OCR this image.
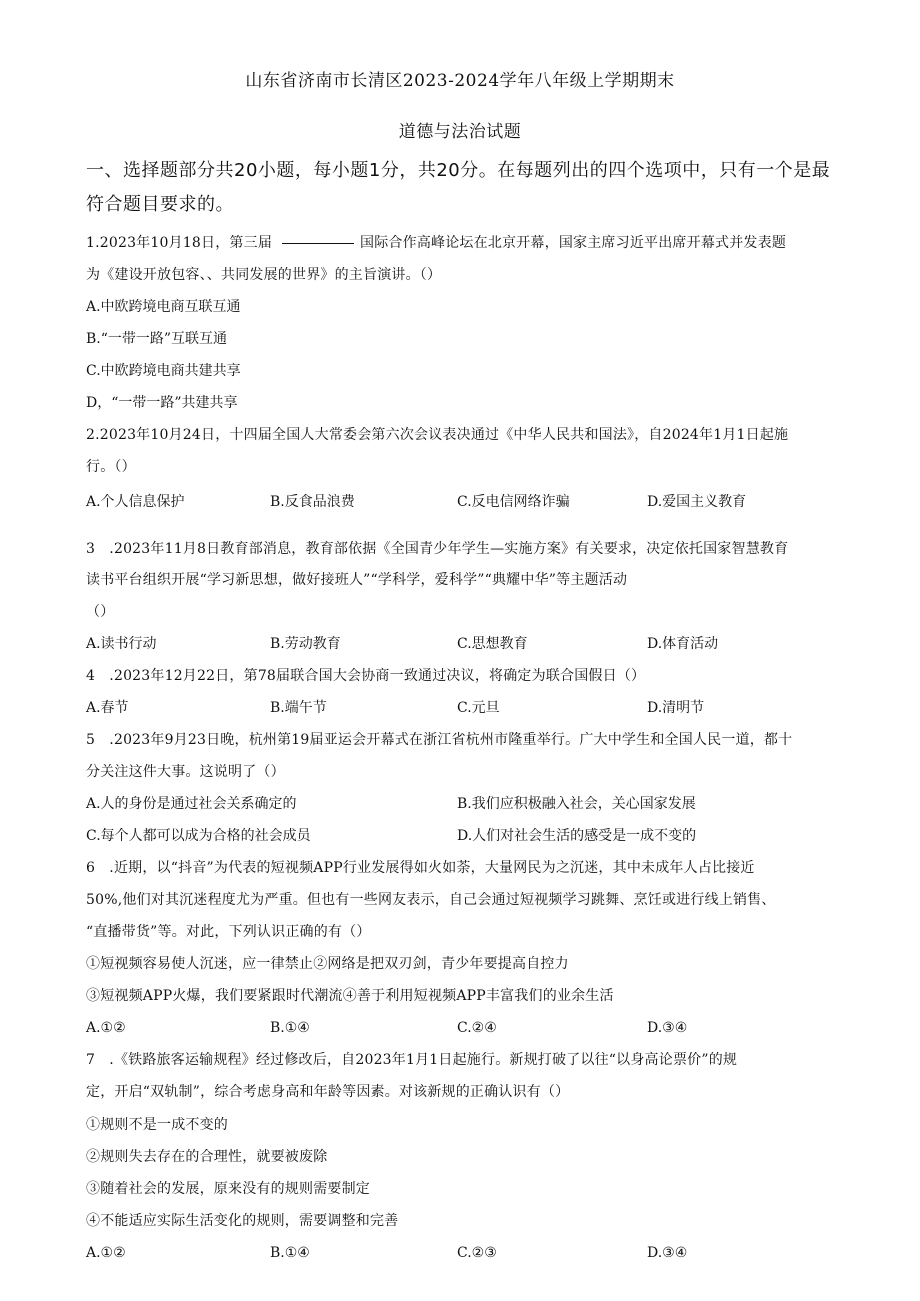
山东省济南市长清区2023-2024学年八年级上学期期末
道德与法治试题
一、选择题部分共20小题，每小题1分，共20分。在每题列出的四个选项中，只有一个是最
符合题目要求的。
1.2023年10月18日，第三届	国际合作高峰论坛在北京开幕，国家主席习近平出席开幕式并发表题
为《建设开放包容、、共同发展的世界》的主旨演讲。（）
A.中欧跨境电商互联互通
B.“一带一路”互联互通
C.中欧跨境电商共建共享
D，“一带一路”共建共享
2.2023年10月24日，十四届全国人大常委会第六次会议表决通过《中华人民共和国法》，自2024年1月1日起施
行。（）
A.个人信息保护	B.反食品浪费	C.反电信网络诈骗	D.爱国主义教育
3　.2023年11月8日教育部消息，教育部依据《全国青少年学生—实施方案》有关要求，决定依托国家智慧教育
读书平台组织开展“学习新思想，做好接班人”“学科学，爱科学”“典耀中华”等主题活动
（）
A.读书行动	B.劳动教育	C.思想教育	D.体育活动
4　.2023年12月22日，第78届联合国大会协商一致通过决议，将确定为联合国假日（）
A.春节	B.端午节	C.元旦	D.清明节
5　.2023年9月23日晚，杭州第19届亚运会开幕式在浙江省杭州市隆重举行。广大中学生和全国人民一道，都十
分关注这件大事。这说明了（）
A.人的身份是通过社会关系确定的	B.我们应积极融入社会，关心国家发展
C.每个人都可以成为合格的社会成员	D.人们对社会生活的感受是一成不变的
6　.近期，以“抖音”为代表的短视频APP行业发展得如火如荼，大量网民为之沉迷，其中未成年人占比接近
50%,他们对其沉迷程度尤为严重。但也有一些网友表示，自己会通过短视频学习跳舞、烹饪或进行线上销售、
“直播带货”等。对此，下列认识正确的有（）
①短视频容易使人沉迷，应一律禁止②网络是把双刃剑，青少年要提高自控力
③短视频APP火爆，我们要紧跟时代潮流④善于利用短视频APP丰富我们的业余生活
A.①②	B.①④	C.②④	D.③④
7　.《铁路旅客运输规程》经过修改后，自2023年1月1日起施行。新规打破了以往“以身高论票价”的规
定，开启“双轨制”，综合考虑身高和年龄等因素。对该新规的正确认识有（）
①规则不是一成不变的
②规则失去存在的合理性，就要被废除
③随着社会的发展，原来没有的规则需要制定
④不能适应实际生活变化的规则，需要调整和完善
A.①②	B.①④	C.②③	D.③④
